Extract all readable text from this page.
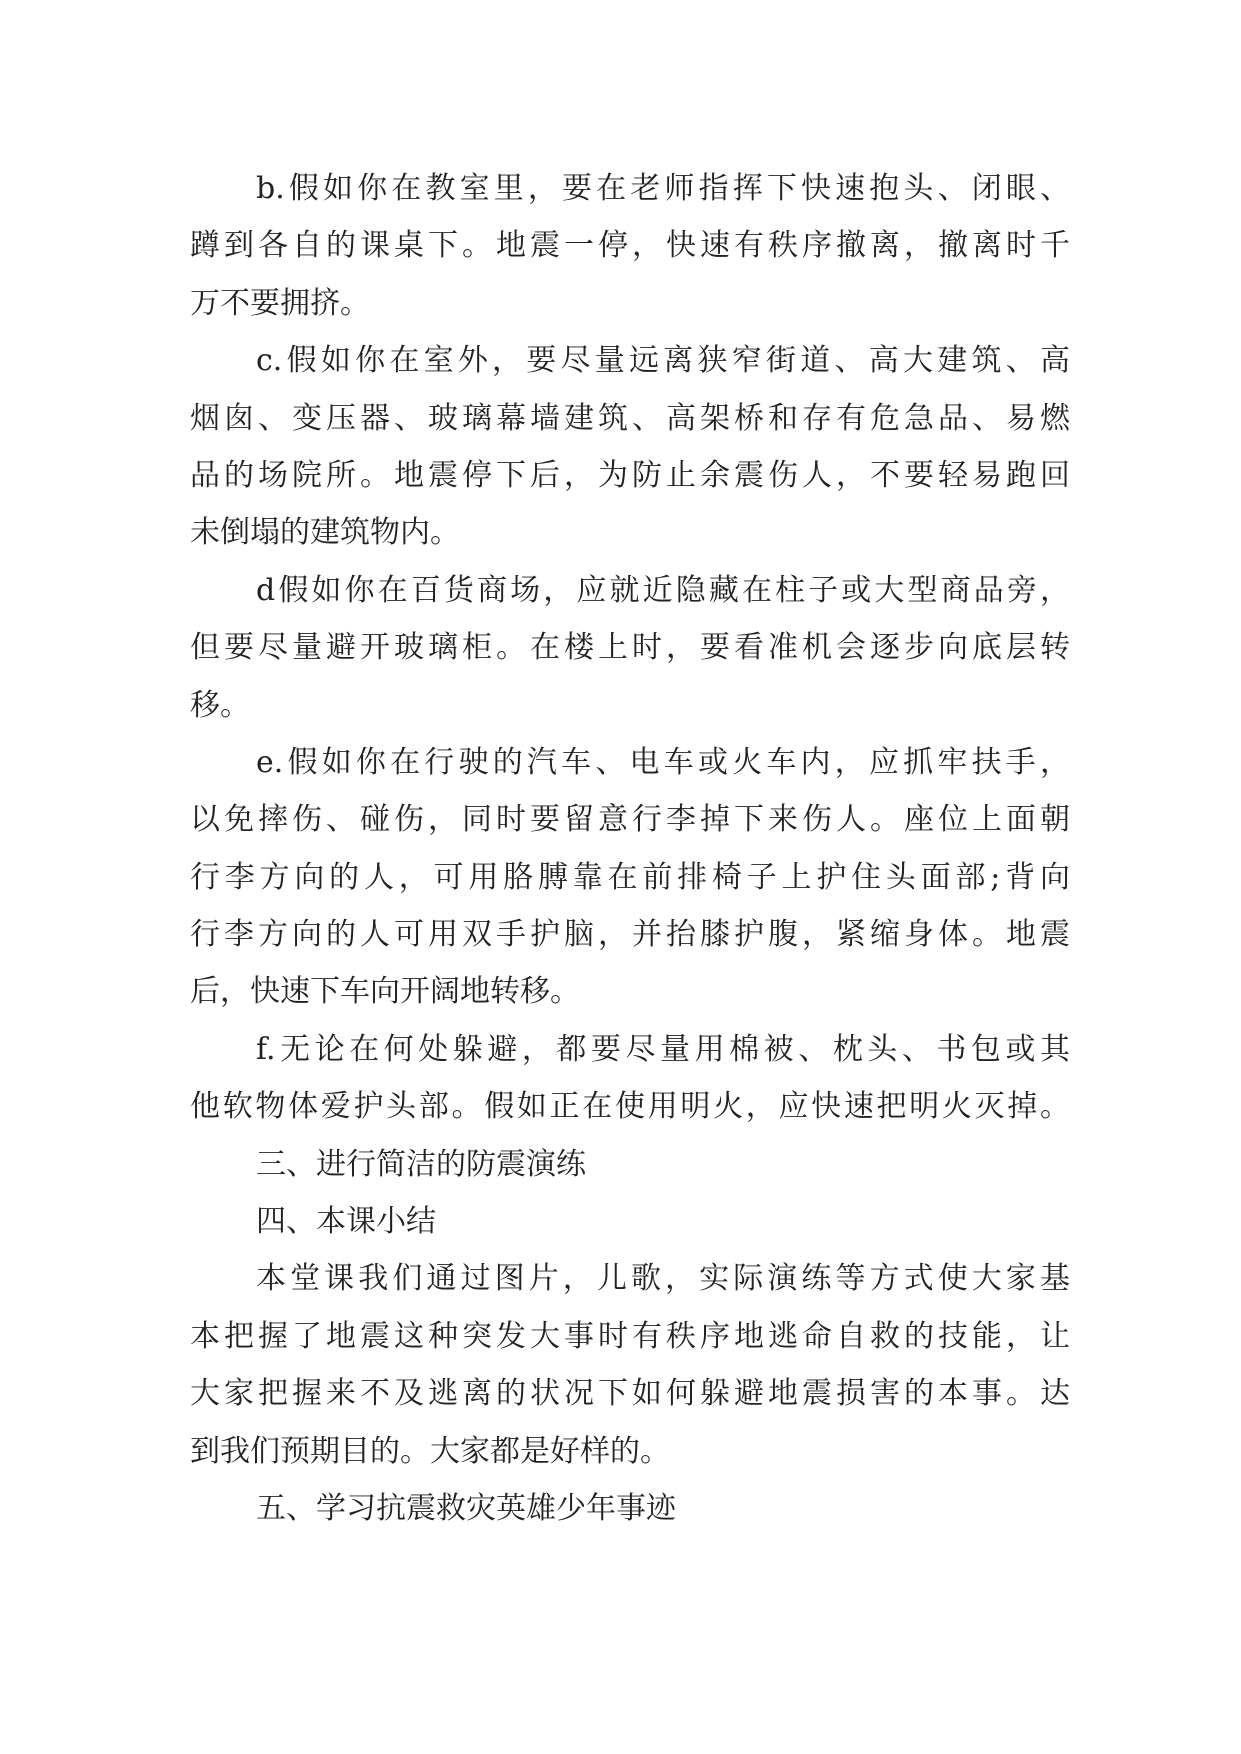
b.假如你在教室里，要在老师指挥下快速抱头、闭眼、
蹲到各自的课桌下。地震一停，快速有秩序撤离，撤离时千
万不要拥挤。
c.假如你在室外，要尽量远离狭窄街道、高大建筑、高
烟囱、变压器、玻璃幕墙建筑、高架桥和存有危急品、易燃
品的场院所。地震停下后，为防止余震伤人，不要轻易跑回
未倒塌的建筑物内。
d假如你在百货商场，应就近隐藏在柱子或大型商品旁，
但要尽量避开玻璃柜。在楼上时，要看准机会逐步向底层转
移。
e.假如你在行驶的汽车、电车或火车内，应抓牢扶手，
以免摔伤、碰伤，同时要留意行李掉下来伤人。座位上面朝
行李方向的人，可用胳膊靠在前排椅子上护住头面部;背向
行李方向的人可用双手护脑，并抬膝护腹，紧缩身体。地震
后，快速下车向开阔地转移。
f.无论在何处躲避，都要尽量用棉被、枕头、书包或其
他软物体爱护头部。假如正在使用明火，应快速把明火灭掉。
三、进行简洁的防震演练
四、本课小结
本堂课我们通过图片，儿歌，实际演练等方式使大家基
本把握了地震这种突发大事时有秩序地逃命自救的技能，让
大家把握来不及逃离的状况下如何躲避地震损害的本事。达
到我们预期目的。大家都是好样的。
五、学习抗震救灾英雄少年事迹
